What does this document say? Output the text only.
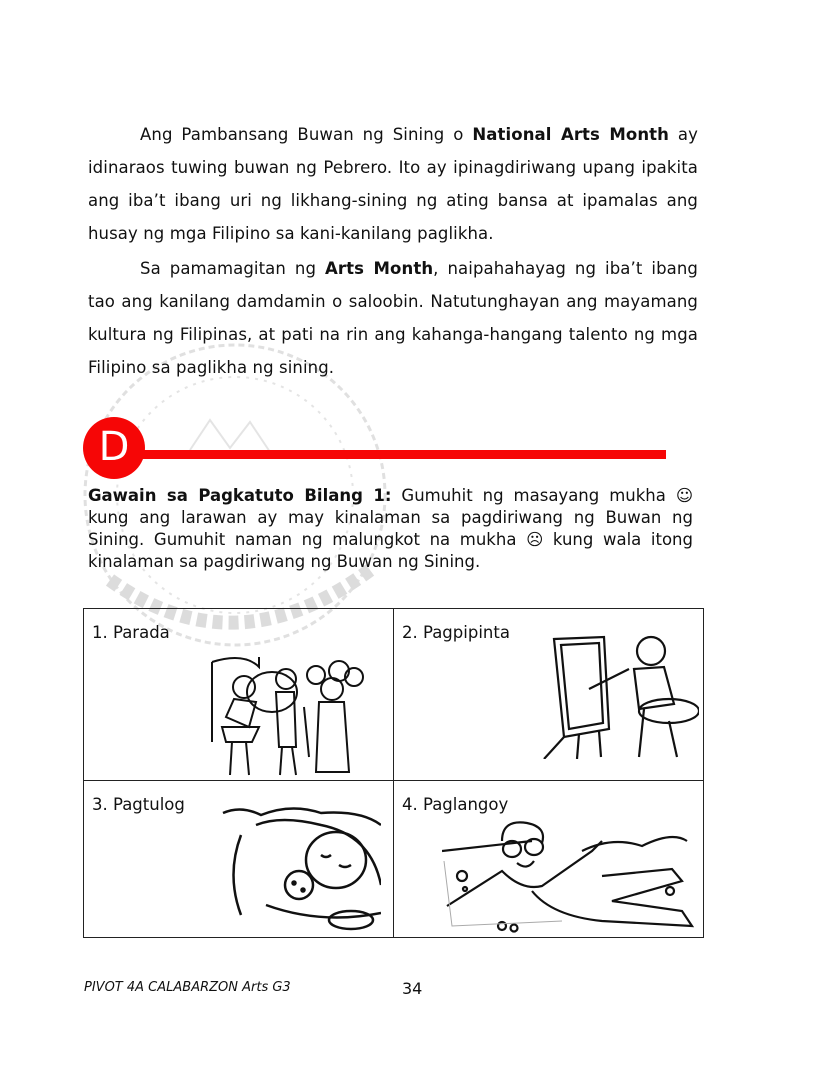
Ang Pambansang Buwan ng Sining o National Arts Month ay idinaraos tuwing buwan ng Pebrero. Ito ay ipinagdiriwang upang ipakita ang iba’t ibang uri ng likhang-sining ng ating bansa at ipamalas ang husay ng mga Filipino sa kani-kanilang paglikha.
Sa pamamagitan ng Arts Month, naipahahayag ng iba’t ibang tao ang kanilang damdamin o saloobin. Natutunghayan ang mayamang kultura ng Filipinas, at pati na rin ang kahanga-hangang talento ng mga Filipino sa paglikha ng sining.
D
Gawain sa Pagkatuto Bilang 1: Gumuhit ng masayang mukha ☺ kung ang larawan ay may kinalaman sa pagdiriwang ng Buwan ng Sining. Gumuhit naman ng malungkot na mukha ☹ kung wala itong kinalaman sa pagdiriwang ng Buwan ng Sining.
1. Parada	2. Pagpipinta

3. Pagtulog	4. Paglangoy
PIVOT 4A CALABARZON Arts G3	34
